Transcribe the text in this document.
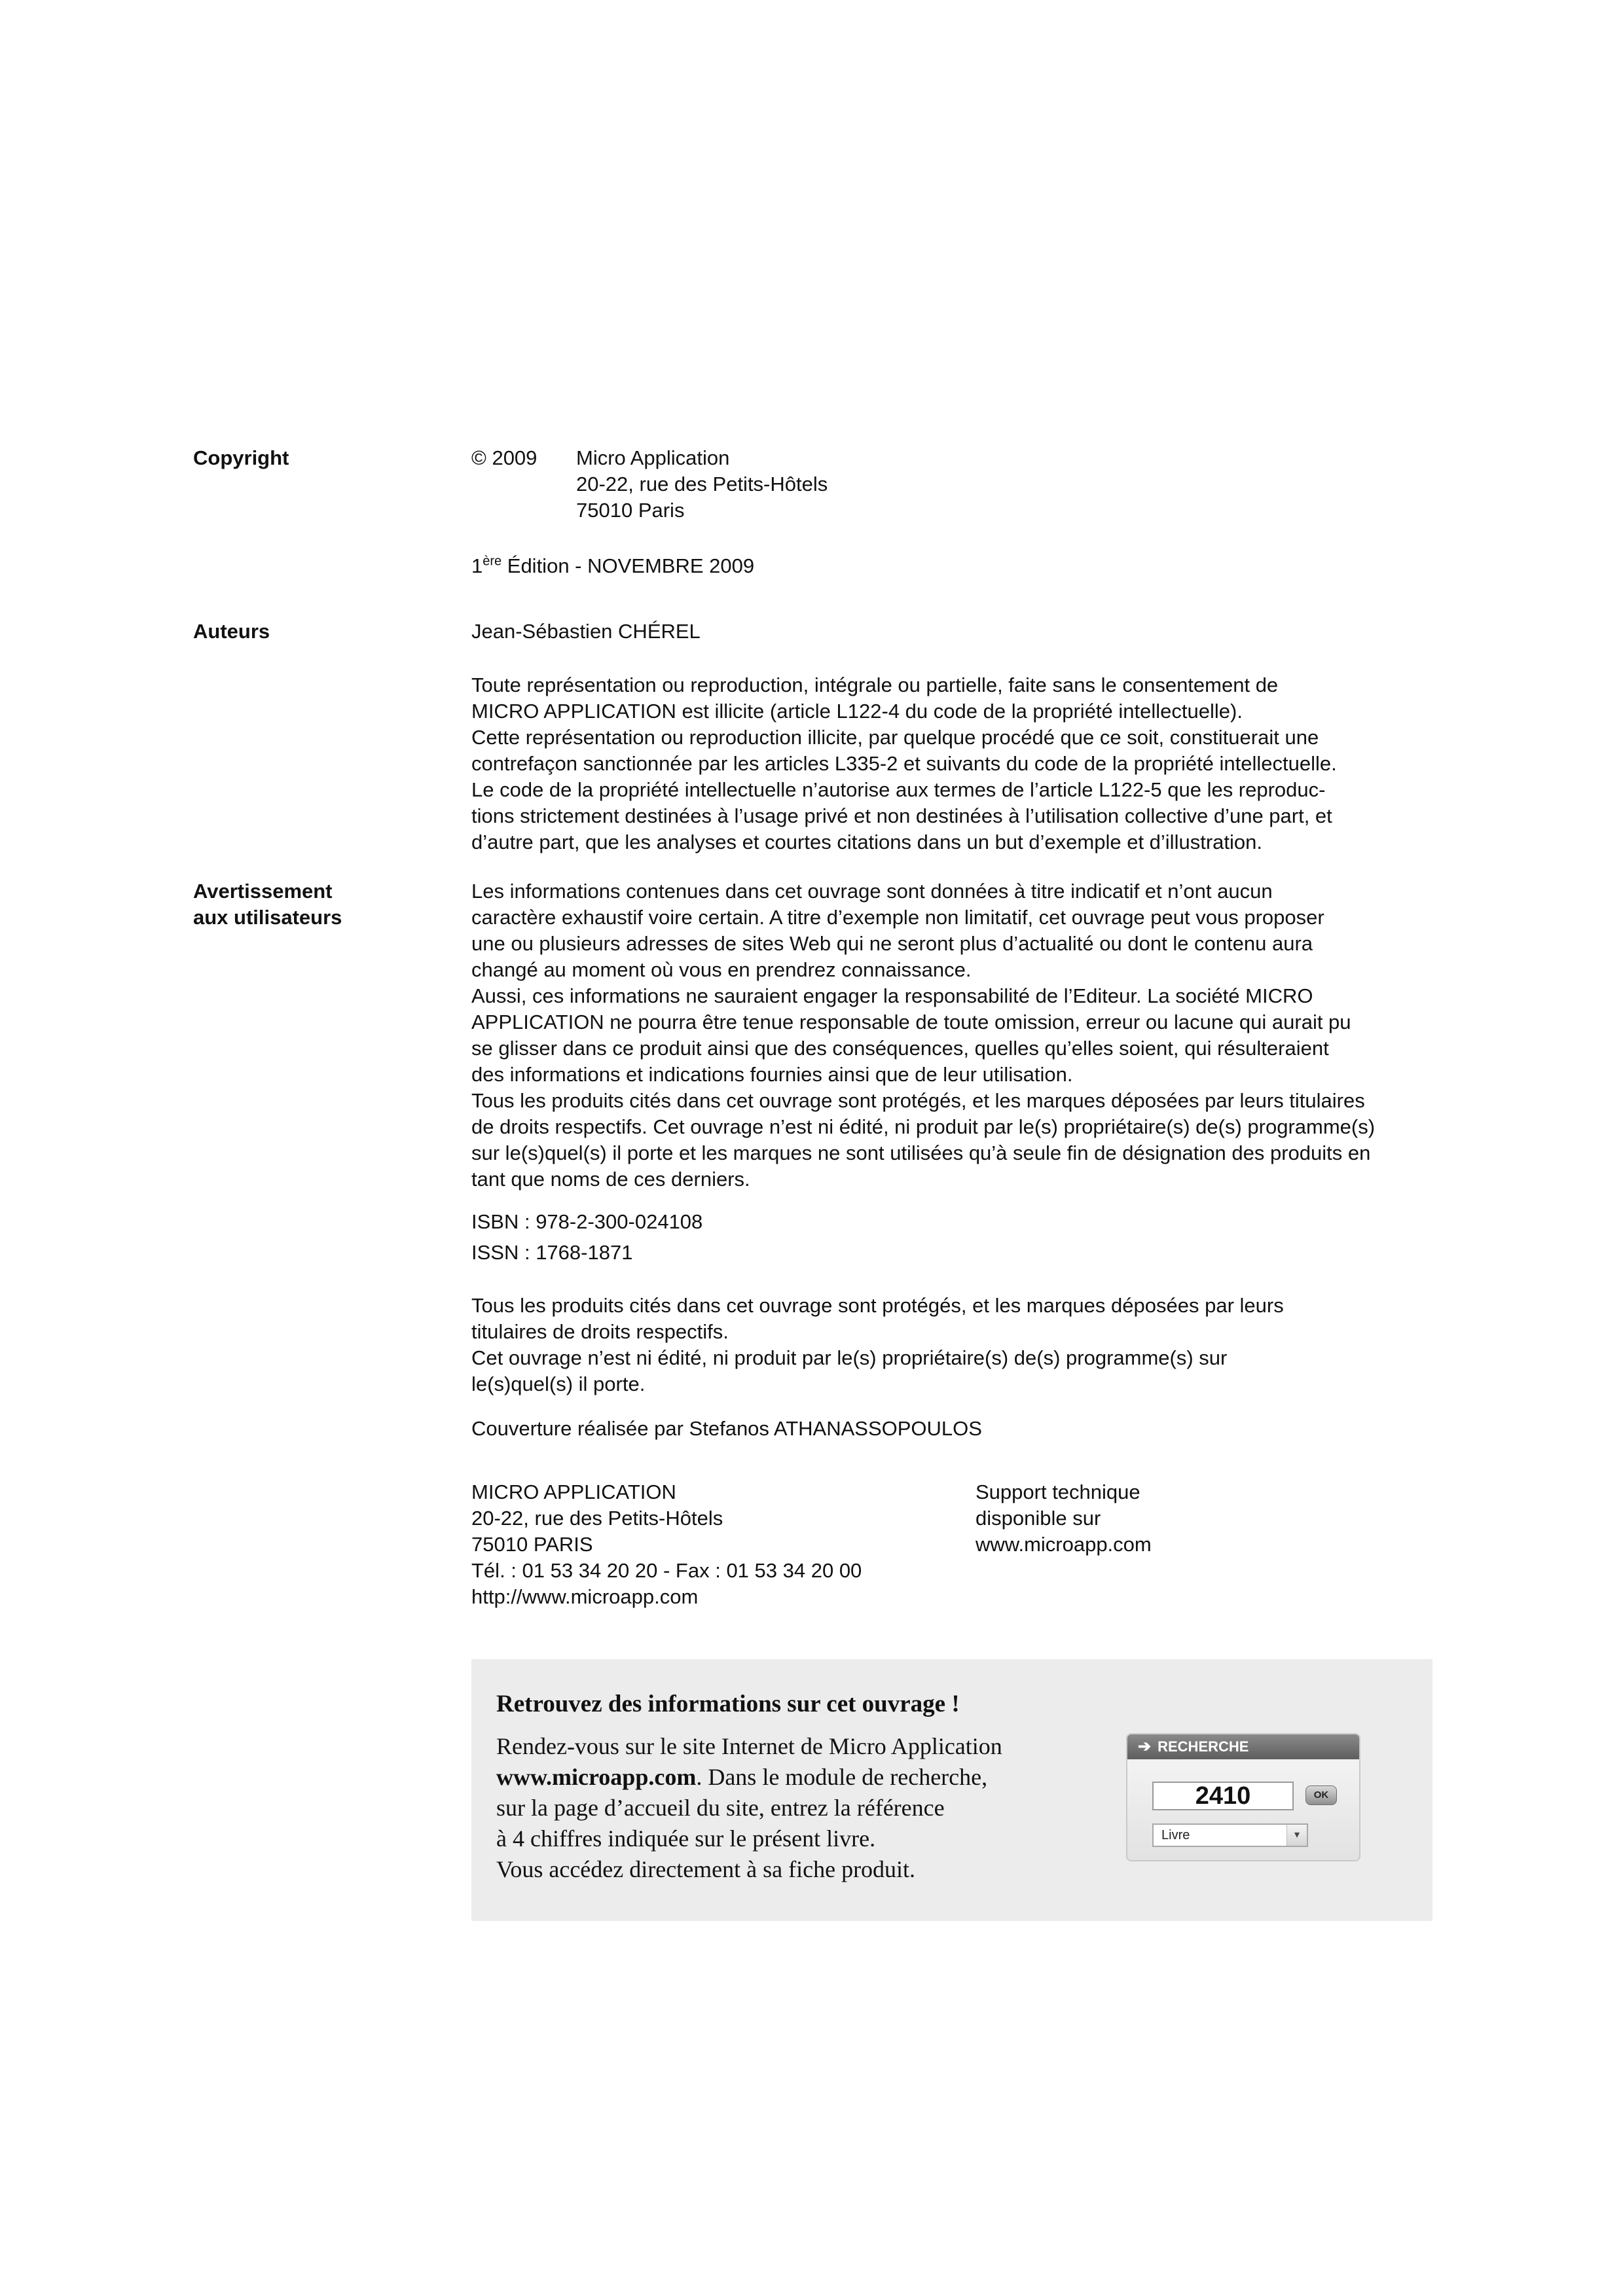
Copyright
Auteurs
Avertissement
aux utilisateurs
© 2009 Micro Application
20-22, rue des Petits-Hôtels
75010 Paris
1ère Édition - NOVEMBRE 2009
Jean-Sébastien CHÉREL

Toute représentation ou reproduction, intégrale ou partielle, faite sans le consentement de

MICRO APPLICATION est illicite (article L122-4 du code de la propriété intellectuelle).

Cette représentation ou reproduction illicite, par quelque procédé que ce soit, constituerait une

contrefaçon sanctionnée par les articles L335-2 et suivants du code de la propriété intellectuelle.

Le code de la propriété intellectuelle n’autorise aux termes de l’article L122-5 que les reproduc-

tions strictement destinées à l’usage privé et non destinées à l’utilisation collective d’une part, et

d’autre part, que les analyses et courtes citations dans un but d’exemple et d’illustration.

Les informations contenues dans cet ouvrage sont données à titre indicatif et n’ont aucun

caractère exhaustif voire certain. A titre d’exemple non limitatif, cet ouvrage peut vous proposer

une ou plusieurs adresses de sites Web qui ne seront plus d’actualité ou dont le contenu aura

changé au moment où vous en prendrez connaissance.

Aussi, ces informations ne sauraient engager la responsabilité de l’Editeur. La société MICRO

APPLICATION ne pourra être tenue responsable de toute omission, erreur ou lacune qui aurait pu

se glisser dans ce produit ainsi que des conséquences, quelles qu’elles soient, qui résulteraient

des informations et indications fournies ainsi que de leur utilisation.

Tous les produits cités dans cet ouvrage sont protégés, et les marques déposées par leurs titulaires

de droits respectifs. Cet ouvrage n’est ni édité, ni produit par le(s) propriétaire(s) de(s) programme(s)

sur le(s)quel(s) il porte et les marques ne sont utilisées qu’à seule fin de désignation des produits en

tant que noms de ces derniers.

ISBN : 978-2-300-024108
ISSN : 1768-1871

Tous les produits cités dans cet ouvrage sont protégés, et les marques déposées par leurs

titulaires de droits respectifs.

Cet ouvrage n’est ni édité, ni produit par le(s) propriétaire(s) de(s) programme(s) sur

le(s)quel(s) il porte.

Couverture réalisée par Stefanos ATHANASSOPOULOS
MICRO APPLICATION
20-22, rue des Petits-Hôtels
75010 PARIS
Tél. : 01 53 34 20 20 - Fax : 01 53 34 20 00
http://www.microapp.com
Support technique
disponible sur
www.microapp.com
Retrouvez des informations sur cet ouvrage !
Rendez-vous sur le site Internet de Micro Application
www.microapp.com. Dans le module de recherche,
sur la page d’accueil du site, entrez la référence
à 4 chiffres indiquée sur le présent livre.
Vous accédez directement à sa fiche produit.
➔ RECHERCHE
2410	OK
Livre	▾
